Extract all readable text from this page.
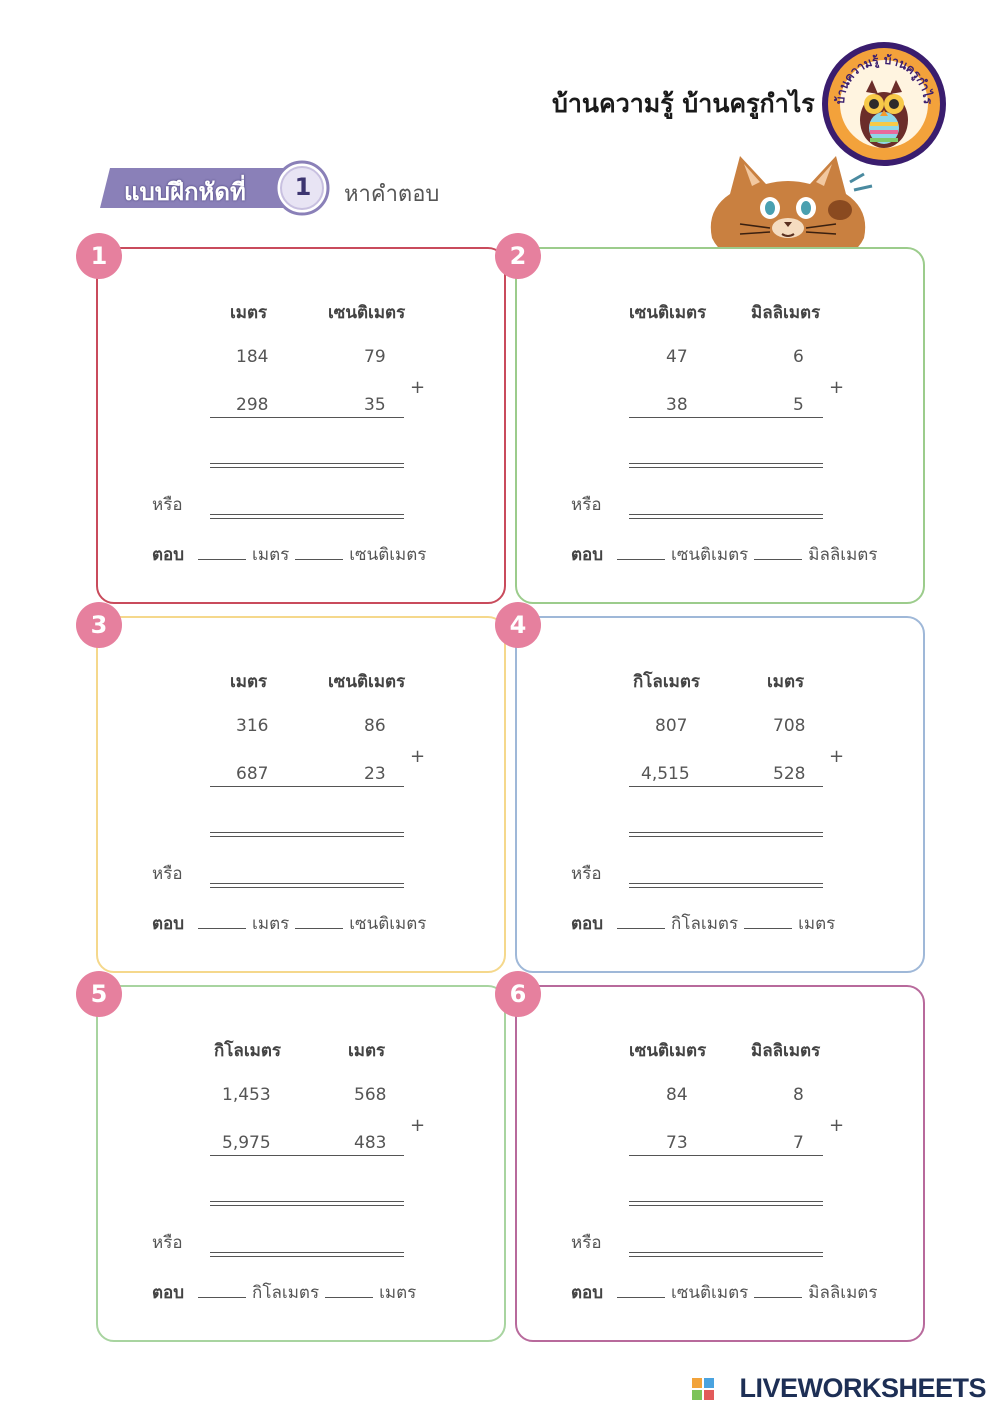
บ้านความรู้ บ้านครูกำไร บ้านความรู้ บ้านครูกำไร
แบบฝึกหัดที่	1	หาคำตอบ
1
เมตร	เซนติเมตร
184	79
+
298	35
หรือ
ตอบ	เมตร	เซนติเมตร
2
เซนติเมตร	มิลลิเมตร
47	6
+
38	5
หรือ
ตอบ	เซนติเมตร	มิลลิเมตร
3
เมตร	เซนติเมตร
316	86
+
687	23
หรือ
ตอบ	เมตร	เซนติเมตร
4
กิโลเมตร	เมตร
807	708
+
4,515	528
หรือ
ตอบ	กิโลเมตร	เมตร
5
กิโลเมตร	เมตร
1,453	568
+
5,975	483
หรือ
ตอบ	กิโลเมตร	เมตร
6
เซนติเมตร	มิลลิเมตร
84	8
+
73	7
หรือ
ตอบ	เซนติเมตร	มิลลิเมตร
LIVEWORKSHEETS
